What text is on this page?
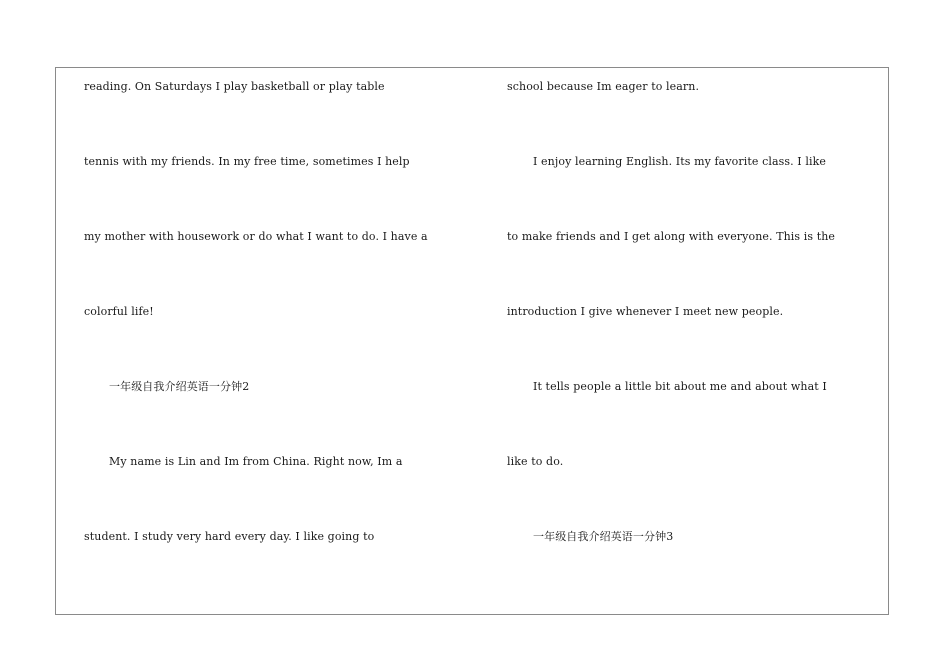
reading. On Saturdays I play basketball or play table
tennis with my friends. In my free time, sometimes I help
my mother with housework or do what I want to do. I have a
colorful life!
一年级自我介绍英语一分钟2
My name is Lin and Im from China. Right now, Im a
student. I study very hard every day. I like going to
school because Im eager to learn.
I enjoy learning English. Its my favorite class. I like
to make friends and I get along with everyone. This is the
introduction I give whenever I meet new people.
It tells people a little bit about me and about what I
like to do.
一年级自我介绍英语一分钟3
